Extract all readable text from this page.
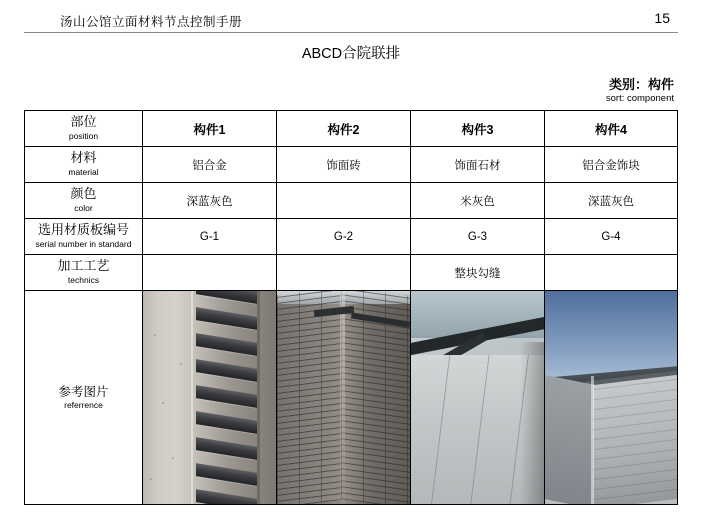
汤山公馆立面材料节点控制手册	15
ABCD合院联排
类别：构件
sort: component
部位
position	构件1	构件2	构件3	构件4

材料
material	铝合金	饰面砖	饰面石材	铝合金饰块

颜色
color	深蓝灰色		米灰色	深蓝灰色

选用材质板编号
serial number in standard	G-1	G-2	G-3	G-4

加工工艺
technics			整块勾缝	

参考图片
referrence				
